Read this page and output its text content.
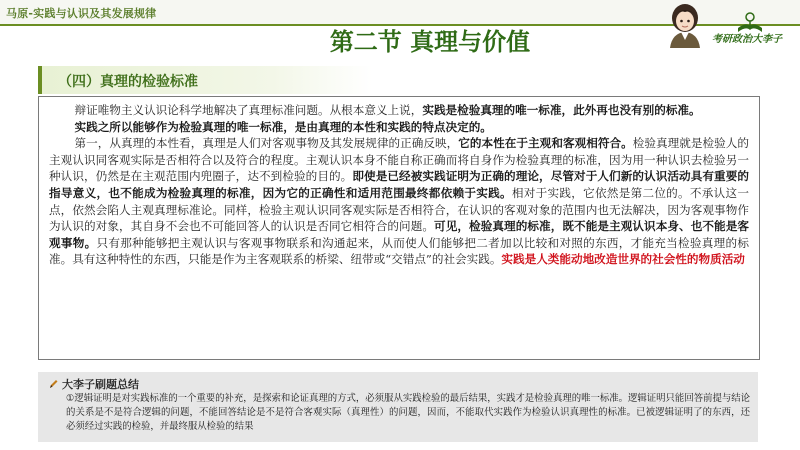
马原-实践与认识及其发展规律
第二节 真理与价值	考研政治大李子
（四）真理的检验标准

辩证唯物主义认识论科学地解决了真理标准问题。从根本意义上说，实践是检验真理的唯一标准，此外再也没有别的标准。

实践之所以能够作为检验真理的唯一标准，是由真理的本性和实践的特点决定的。

第一，从真理的本性看，真理是人们对客观事物及其发展规律的正确反映，它的本性在于主观和客观相符合。检验真理就是检验人的主观认识同客观实际是否相符合以及符合的程度。主观认识本身不能自称正确而将自身作为检验真理的标准，因为用一种认识去检验另一种认识，仍然是在主观范围内兜圈子，达不到检验的目的。即使是已经被实践证明为正确的理论，尽管对于人们新的认识活动具有重要的指导意义，也不能成为检验真理的标准，因为它的正确性和适用范围最终都依赖于实践。相对于实践，它依然是第二位的。不承认这一点，依然会陷人主观真理标准论。同样，检验主观认识同客观实际是否相符合，在认识的客观对象的范围内也无法解决，因为客观事物作为认识的对象，其自身不会也不可能回答人的认识是否同它相符合的问题。可见，检验真理的标准，既不能是主观认识本身、也不能是客观事物。只有那种能够把主观认识与客观事物联系和沟通起来，从而使人们能够把二者加以比较和对照的东西，才能充当检验真理的标准。具有这种特性的东西，只能是作为主客观联系的桥梁、纽带或“交错点”的社会实践。实践是人类能动地改造世界的社会性的物质活动

大李子刷题总结
①逻辑证明是对实践标准的一个重要的补充，是探索和论证真理的方式，必须服从实践检验的最后结果，实践才是检验真理的唯一标准。逻辑证明只能回答前提与结论的关系是不是符合逻辑的问题，不能回答结论是不是符合客观实际（真理性）的问题，因而，不能取代实践作为检验认识真理性的标准。已被逻辑证明了的东西，还必须经过实践的检验，并最终服从检验的结果
